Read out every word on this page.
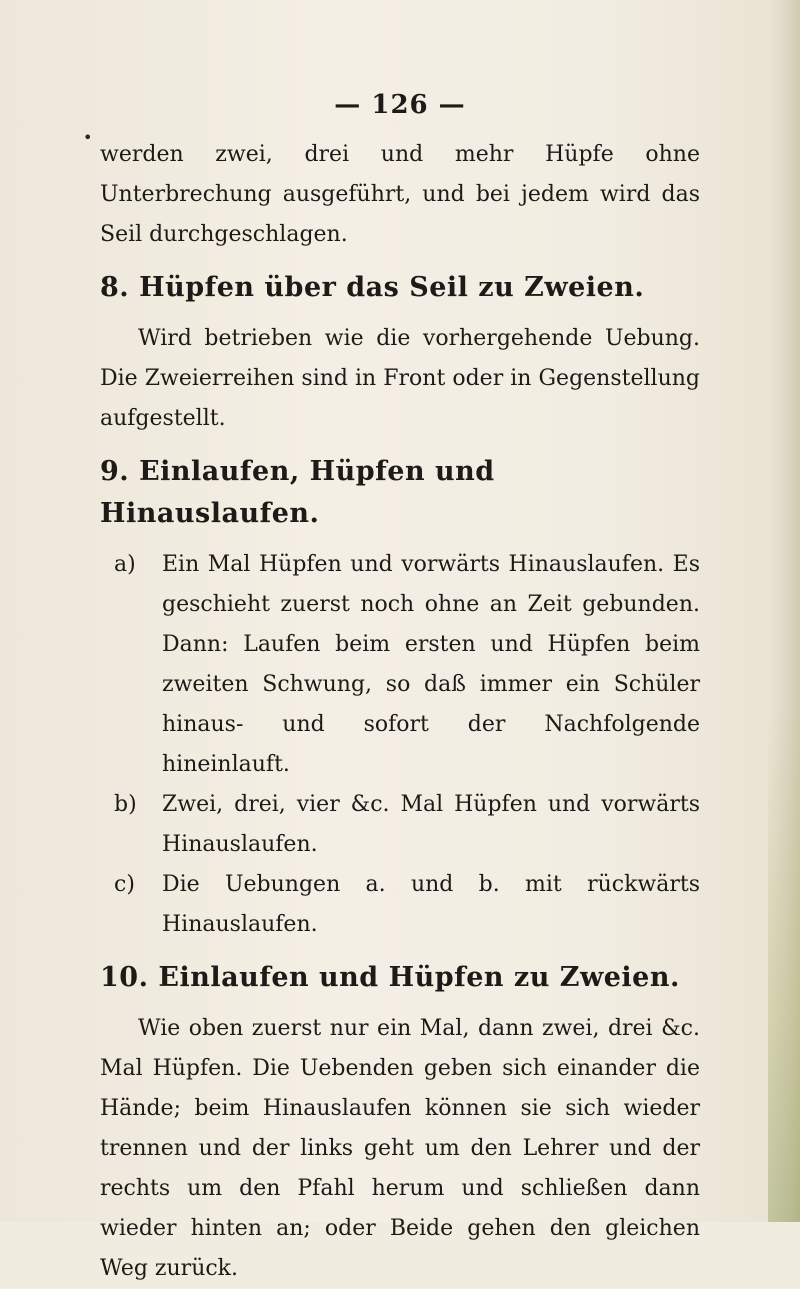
— 126 —
•

werden zwei, drei und mehr Hüpfe ohne Unterbrechung ausgeführt, und bei jedem wird das Seil durchgeschlagen.

8. Hüpfen über das Seil zu Zweien.

Wird betrieben wie die vorhergehende Uebung. Die Zweierreihen sind in Front oder in Gegenstellung aufgestellt.

9. Einlaufen, Hüpfen und Hinauslaufen.
a)	Ein Mal Hüpfen und vorwärts Hinauslaufen. Es geschieht zuerst noch ohne an Zeit gebunden. Dann: Laufen beim ersten und Hüpfen beim zweiten Schwung, so daß immer ein Schüler hinaus- und sofort der Nachfolgende hineinlauft.
b)	Zwei, drei, vier &c. Mal Hüpfen und vorwärts Hinauslaufen.
c)	Die Uebungen a. und b. mit rückwärts Hinauslaufen.
10. Einlaufen und Hüpfen zu Zweien.

Wie oben zuerst nur ein Mal, dann zwei, drei &c. Mal Hüpfen. Die Uebenden geben sich einander die Hände; beim Hinauslaufen können sie sich wieder trennen und der links geht um den Lehrer und der rechts um den Pfahl herum und schließen dann wieder hinten an; oder Beide gehen den gleichen Weg zurück.
